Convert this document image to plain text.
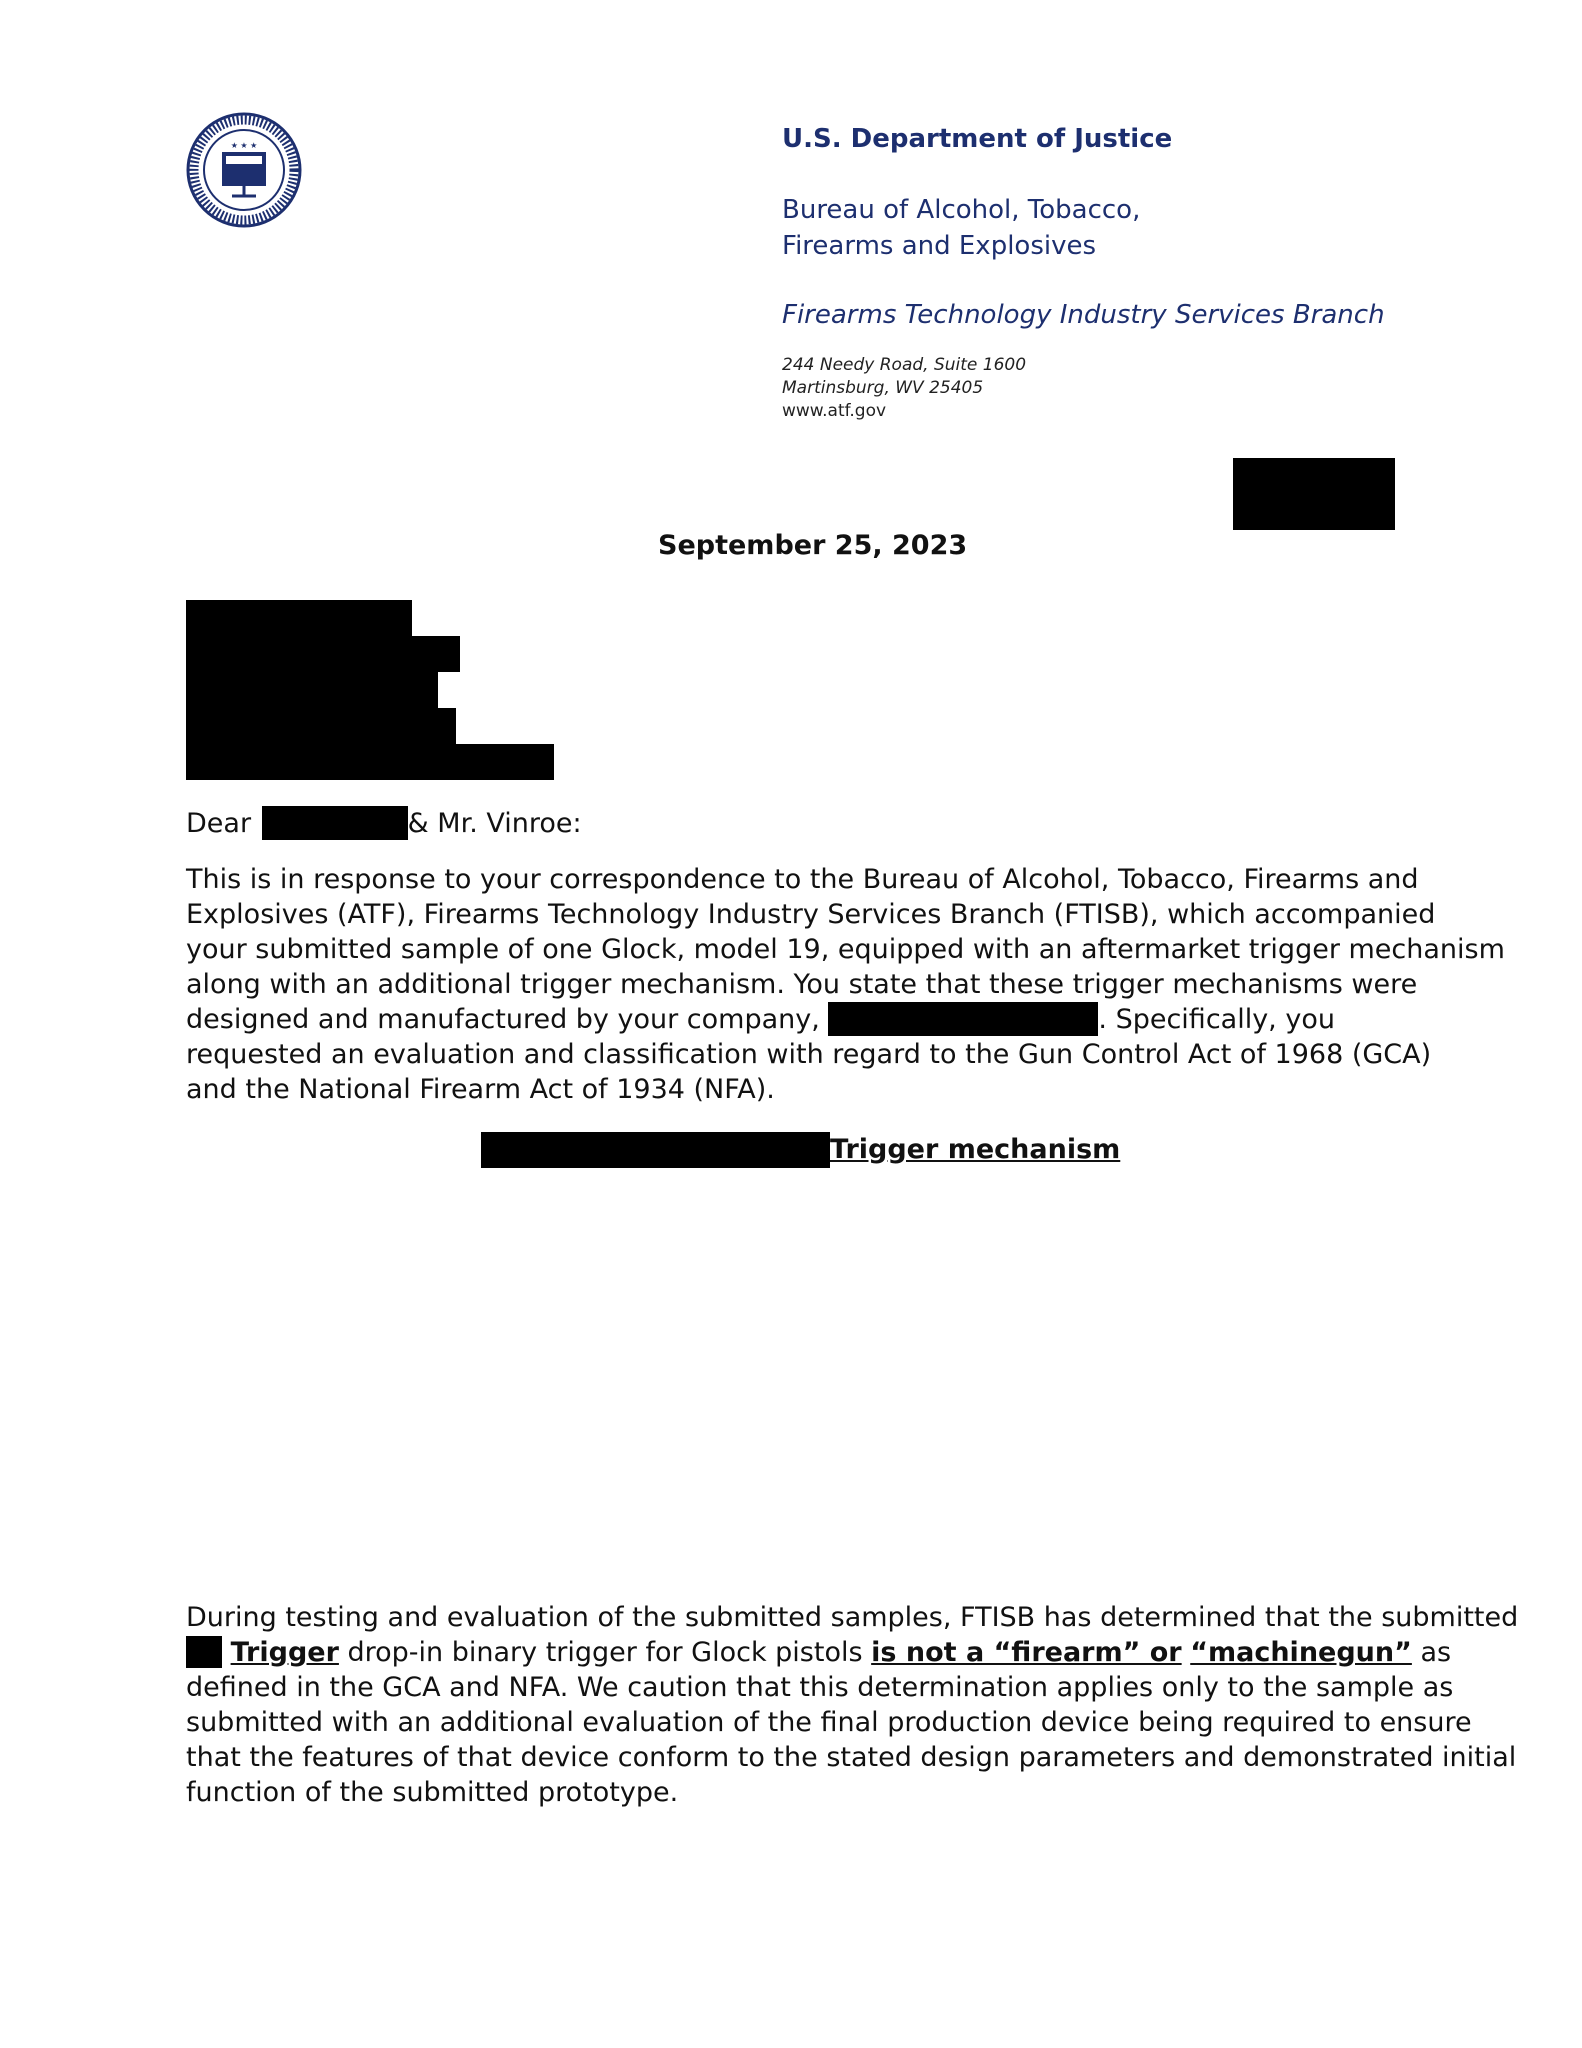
★ ★ ★	U.S. Department of Justice
Bureau of Alcohol, Tobacco,
Firearms and Explosives
Firearms Technology Industry Services Branch
244 Needy Road, Suite 1600
Martinsburg, WV 25405
www.atf.gov
September 25, 2023
Dear	& Mr. Vinroe:
This is in response to your correspondence to the Bureau of Alcohol, Tobacco, Firearms and
Explosives (ATF), Firearms Technology Industry Services Branch (FTISB), which accompanied
your submitted sample of one Glock, model 19, equipped with an aftermarket trigger mechanism
along with an additional trigger mechanism. You state that these trigger mechanisms were
designed and manufactured by your company,	. Specifically, you
requested an evaluation and classification with regard to the Gun Control Act of 1968 (GCA)
and the National Firearm Act of 1934 (NFA).
Trigger mechanism
During testing and evaluation of the submitted samples, FTISB has determined that the submitted
Trigger drop-in binary trigger for Glock pistols is not a “firearm” or “machinegun” as
defined in the GCA and NFA. We caution that this determination applies only to the sample as
submitted with an additional evaluation of the final production device being required to ensure
that the features of that device conform to the stated design parameters and demonstrated initial
function of the submitted prototype.
